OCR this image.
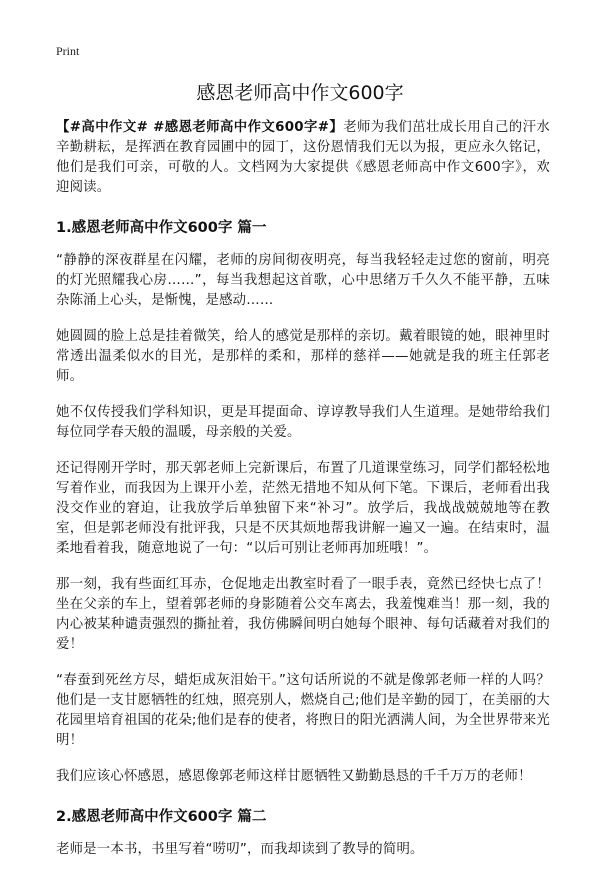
Print
感恩老师高中作文600字

【#高中作文# #感恩老师高中作文600字#】老师为我们茁壮成长用自己的汗水辛勤耕耘，是挥洒在教育园圃中的园丁，这份恩情我们无以为报，更应永久铭记，他们是我们可亲，可敬的人。文档网为大家提供《感恩老师高中作文600字》，欢迎阅读。

1.感恩老师高中作文600字 篇一

“静静的深夜群星在闪耀，老师的房间彻夜明亮，每当我轻轻走过您的窗前，明亮的灯光照耀我心房……”，每当我想起这首歌，心中思绪万千久久不能平静，五味杂陈涌上心头，是惭愧，是感动……

她圆圆的脸上总是挂着微笑，给人的感觉是那样的亲切。戴着眼镜的她，眼神里时常透出温柔似水的目光，是那样的柔和，那样的慈祥——她就是我的班主任郭老师。

她不仅传授我们学科知识，更是耳提面命、谆谆教导我们人生道理。是她带给我们每位同学春天般的温暖，母亲般的关爱。

还记得刚开学时，那天郭老师上完新课后，布置了几道课堂练习，同学们都轻松地写着作业，而我因为上课开小差，茫然无措地不知从何下笔。下课后，老师看出我没交作业的窘迫，让我放学后单独留下来“补习”。放学后，我战战兢兢地等在教室，但是郭老师没有批评我，只是不厌其烦地帮我讲解一遍又一遍。在结束时，温柔地看着我，随意地说了一句：“以后可别让老师再加班哦！”。

那一刻，我有些面红耳赤，仓促地走出教室时看了一眼手表，竟然已经快七点了！坐在父亲的车上，望着郭老师的身影随着公交车离去，我羞愧难当！那一刻，我的内心被某种谴责强烈的撕扯着，我仿佛瞬间明白她每个眼神、每句话藏着对我们的爱！

“春蚕到死丝方尽，蜡炬成灰泪始干。”这句话所说的不就是像郭老师一样的人吗？他们是一支甘愿牺牲的红烛，照亮别人，燃烧自己;他们是辛勤的园丁，在美丽的大花园里培育祖国的花朵;他们是春的使者，将煦日的阳光洒满人间，为全世界带来光明！

我们应该心怀感恩，感恩像郭老师这样甘愿牺牲又勤勤恳恳的千千万万的老师！

2.感恩老师高中作文600字 篇二

老师是一本书，书里写着“唠叨”，而我却读到了教导的简明。
